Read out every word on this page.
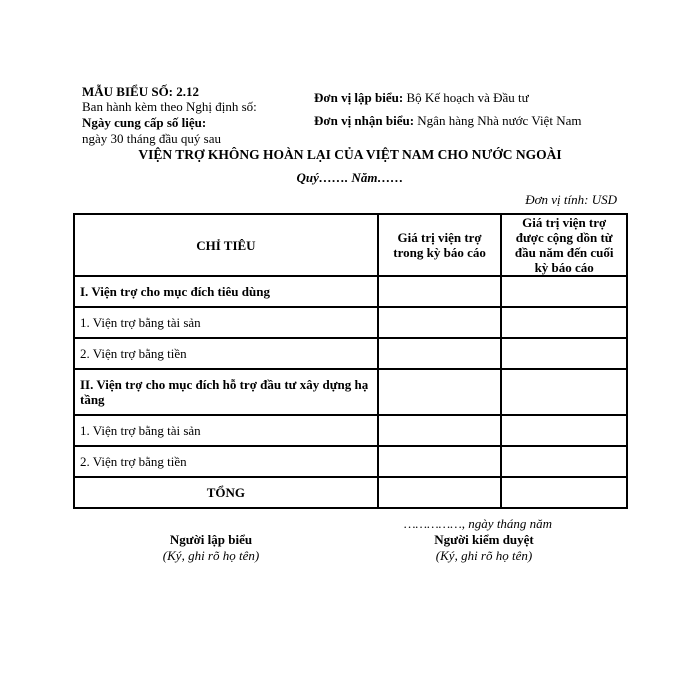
MẪU BIỂU SỐ: 2.12
Ban hành kèm theo Nghị định số:
Ngày cung cấp số liệu:
ngày 30 tháng đầu quý sau
Đơn vị lập biểu: Bộ Kế hoạch và Đầu tư
Đơn vị nhận biểu: Ngân hàng Nhà nước Việt Nam
VIỆN TRỢ KHÔNG HOÀN LẠI CỦA VIỆT NAM CHO NƯỚC NGOÀI
Quý……. Năm……
Đơn vị tính: USD
CHỈ TIÊU	Giá trị viện trợ trong kỳ báo cáo	Giá trị viện trợ được cộng dồn từ đầu năm đến cuối kỳ báo cáo
I. Viện trợ cho mục đích tiêu dùng		
1. Viện trợ bằng tài sản		
2. Viện trợ bằng tiền		
II. Viện trợ cho mục đích hỗ trợ đầu tư xây dựng hạ tầng		
1. Viện trợ bằng tài sản		
2. Viện trợ bằng tiền		
TỔNG		
……………, ngày tháng năm
Người lập biểu
(Ký, ghi rõ họ tên)
Người kiểm duyệt
(Ký, ghi rõ họ tên)
